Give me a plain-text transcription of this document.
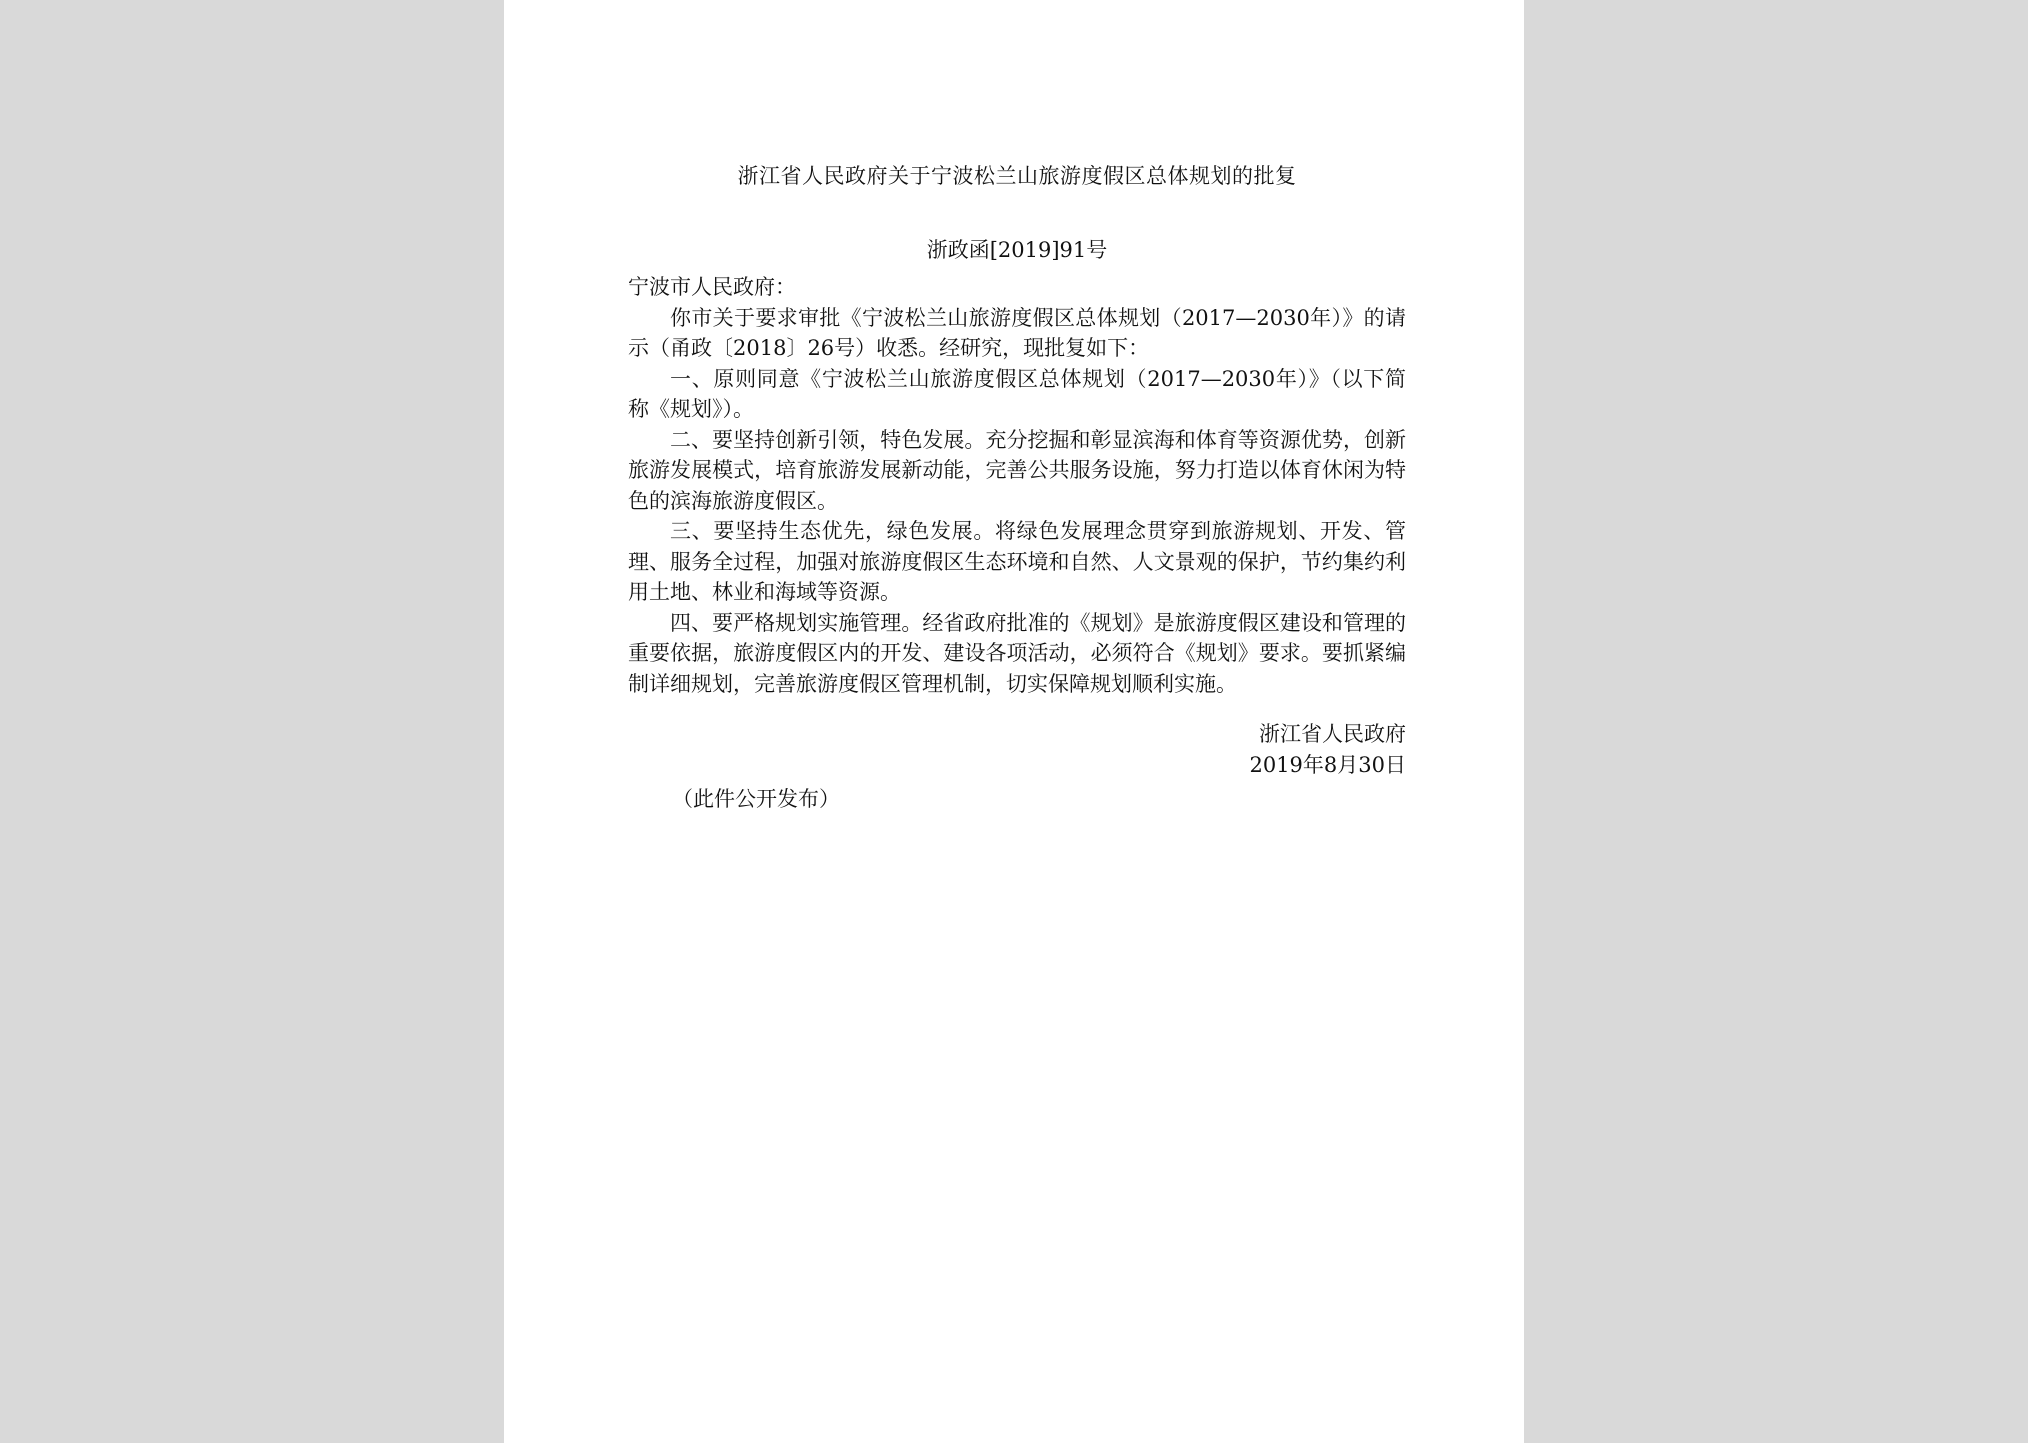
浙江省人民政府关于宁波松兰山旅游度假区总体规划的批复
浙政函[2019]91号

宁波市人民政府：

你市关于要求审批《宁波松兰山旅游度假区总体规划（2017—2030年）》的请示（甬政〔2018〕26号）收悉。经研究，现批复如下：

一、原则同意《宁波松兰山旅游度假区总体规划（2017—2030年）》（以下简称《规划》）。

二、要坚持创新引领，特色发展。充分挖掘和彰显滨海和体育等资源优势，创新旅游发展模式，培育旅游发展新动能，完善公共服务设施，努力打造以体育休闲为特色的滨海旅游度假区。

三、要坚持生态优先，绿色发展。将绿色发展理念贯穿到旅游规划、开发、管理、服务全过程，加强对旅游度假区生态环境和自然、人文景观的保护，节约集约利用土地、林业和海域等资源。

四、要严格规划实施管理。经省政府批准的《规划》是旅游度假区建设和管理的重要依据，旅游度假区内的开发、建设各项活动，必须符合《规划》要求。要抓紧编制详细规划，完善旅游度假区管理机制，切实保障规划顺利实施。

浙江省人民政府
2019年8月30日
（此件公开发布）
